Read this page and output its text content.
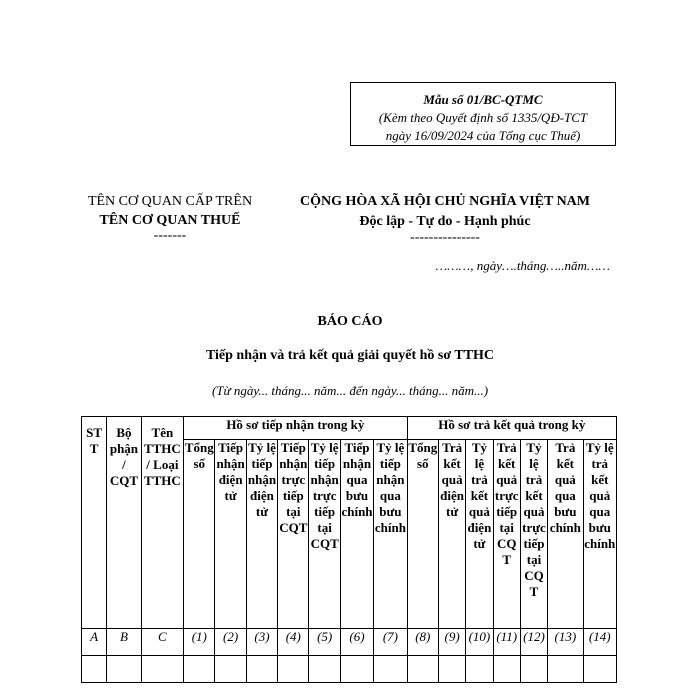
Mẫu số 01/BC-QTMC
(Kèm theo Quyết định số 1335/QĐ-TCT
ngày 16/09/2024 của Tổng cục Thuế)
TÊN CƠ QUAN CẤP TRÊN
TÊN CƠ QUAN THUẾ
-------
CỘNG HÒA XÃ HỘI CHỦ NGHĨA VIỆT NAM
Độc lập - Tự do - Hạnh phúc
---------------
………, ngày….tháng…..năm……
BÁO CÁO
Tiếp nhận và trả kết quả giải quyết hồ sơ TTHC
(Từ ngày... tháng... năm... đến ngày... tháng... năm...)
STT	Bộ phận / CQT	Tên TTHC / Loại TTHC	Hồ sơ tiếp nhận trong kỳ							Hồ sơ trả kết quả trong kỳ						
			Tổng số	Tiếp nhận điện tử	Tỷ lệ tiếp nhận điện tử	Tiếp nhận trực tiếp tại CQT	Tỷ lệ tiếp nhận trực tiếp tại CQT	Tiếp nhận qua bưu chính	Tỷ lệ tiếp nhận qua bưu chính	Tổng số	Trả kết quả điện tử	Tỷ lệ trả kết quả điện tử	Trả kết quả trực tiếp tại CQT	Tỷ lệ trả kết quả trực tiếp tại CQT	Trả kết quả qua bưu chính	Tỷ lệ trả kết quả qua bưu chính
A	B	C	(1)	(2)	(3)	(4)	(5)	(6)	(7)	(8)	(9)	(10)	(11)	(12)	(13)	(14)
